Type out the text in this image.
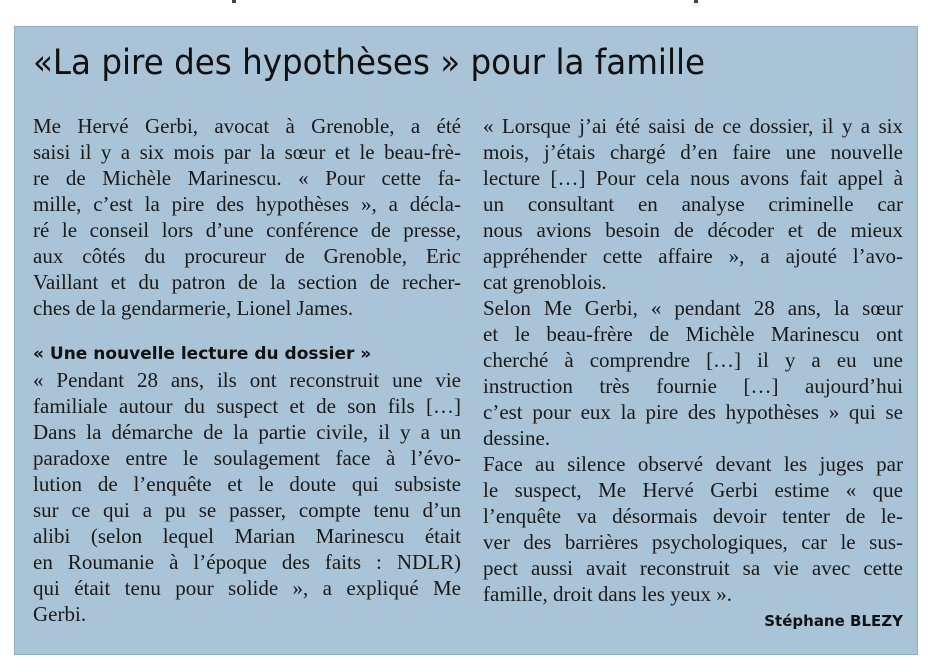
«La pire des hypothèses » pour la famille
Me Hervé Gerbi, avocat à Grenoble, a été
saisi il y a six mois par la sœur et le beau-frè-
re de Michèle Marinescu. « Pour cette fa-
mille, c’est la pire des hypothèses », a décla-
ré le conseil lors d’une conférence de presse,
aux côtés du procureur de Grenoble, Eric
Vaillant et du patron de la section de recher-
ches de la gendarmerie, Lionel James.
« Une nouvelle lecture du dossier »
« Pendant 28 ans, ils ont reconstruit une vie
familiale autour du suspect et de son fils […]
Dans la démarche de la partie civile, il y a un
paradoxe entre le soulagement face à l’évo-
lution de l’enquête et le doute qui subsiste
sur ce qui a pu se passer, compte tenu d’un
alibi (selon lequel Marian Marinescu était
en Roumanie à l’époque des faits : NDLR)
qui était tenu pour solide », a expliqué Me
Gerbi.
« Lorsque j’ai été saisi de ce dossier, il y a six
mois, j’étais chargé d’en faire une nouvelle
lecture […] Pour cela nous avons fait appel à
un consultant en analyse criminelle car
nous avions besoin de décoder et de mieux
appréhender cette affaire », a ajouté l’avo-
cat grenoblois.
Selon Me Gerbi, « pendant 28 ans, la sœur
et le beau-frère de Michèle Marinescu ont
cherché à comprendre […] il y a eu une
instruction très fournie […] aujourd’hui
c’est pour eux la pire des hypothèses » qui se
dessine.
Face au silence observé devant les juges par
le suspect, Me Hervé Gerbi estime « que
l’enquête va désormais devoir tenter de le-
ver des barrières psychologiques, car le sus-
pect aussi avait reconstruit sa vie avec cette
famille, droit dans les yeux ».
Stéphane BLEZY
